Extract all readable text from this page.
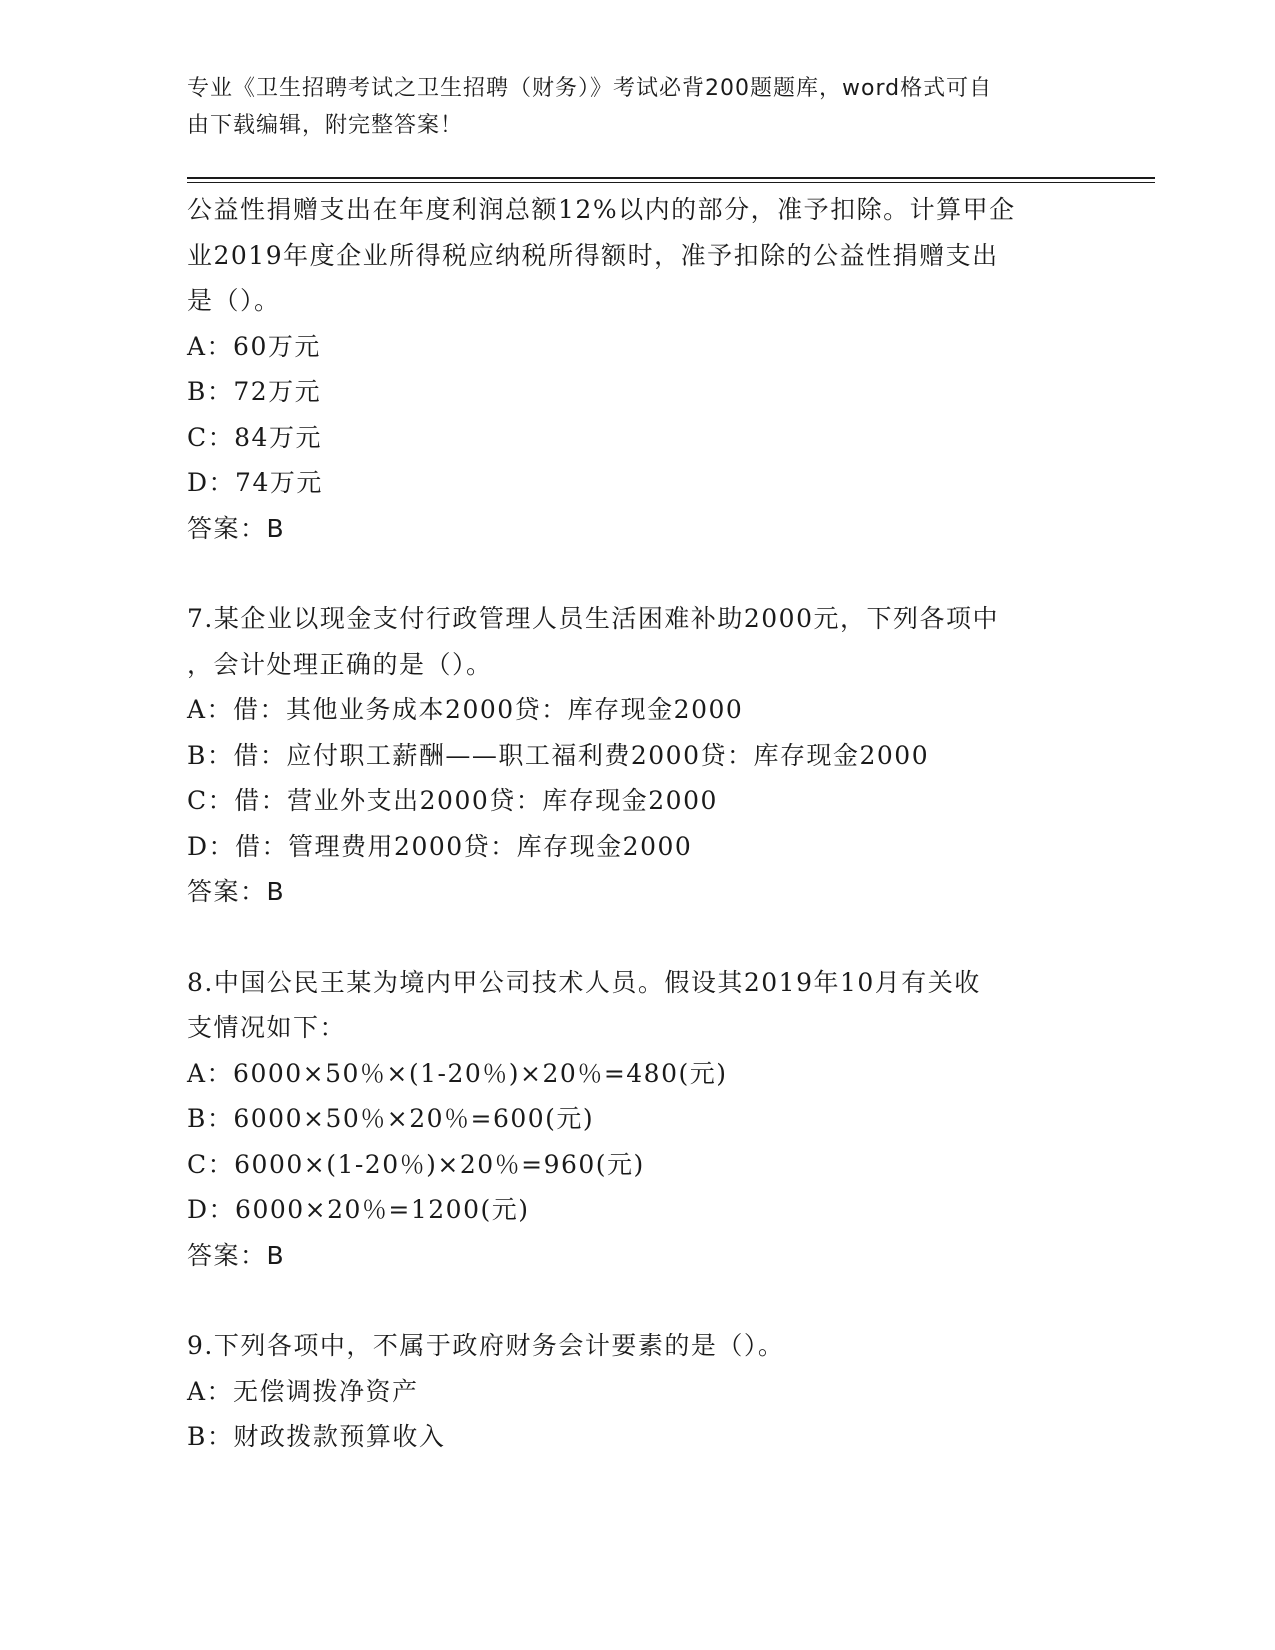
专业《卫生招聘考试之卫生招聘（财务）》考试必背200题题库，word格式可自
由下载编辑，附完整答案！
公益性捐赠支出在年度利润总额12%以内的部分，准予扣除。计算甲企
业2019年度企业所得税应纳税所得额时，准予扣除的公益性捐赠支出
是（）。
A：60万元
B：72万元
C：84万元
D：74万元
答案：B
7.某企业以现金支付行政管理人员生活困难补助2000元，下列各项中
，会计处理正确的是（）。
A：借：其他业务成本2000贷：库存现金2000
B：借：应付职工薪酬——职工福利费2000贷：库存现金2000
C：借：营业外支出2000贷：库存现金2000
D：借：管理费用2000贷：库存现金2000
答案：B
8.中国公民王某为境内甲公司技术人员。假设其2019年10月有关收
支情况如下：
A：6000×50％×(1-20％)×20％=480(元)
B：6000×50％×20％=600(元)
C：6000×(1-20％)×20％=960(元)
D：6000×20％=1200(元)
答案：B
9.下列各项中，不属于政府财务会计要素的是（）。
A：无偿调拨净资产
B：财政拨款预算收入
